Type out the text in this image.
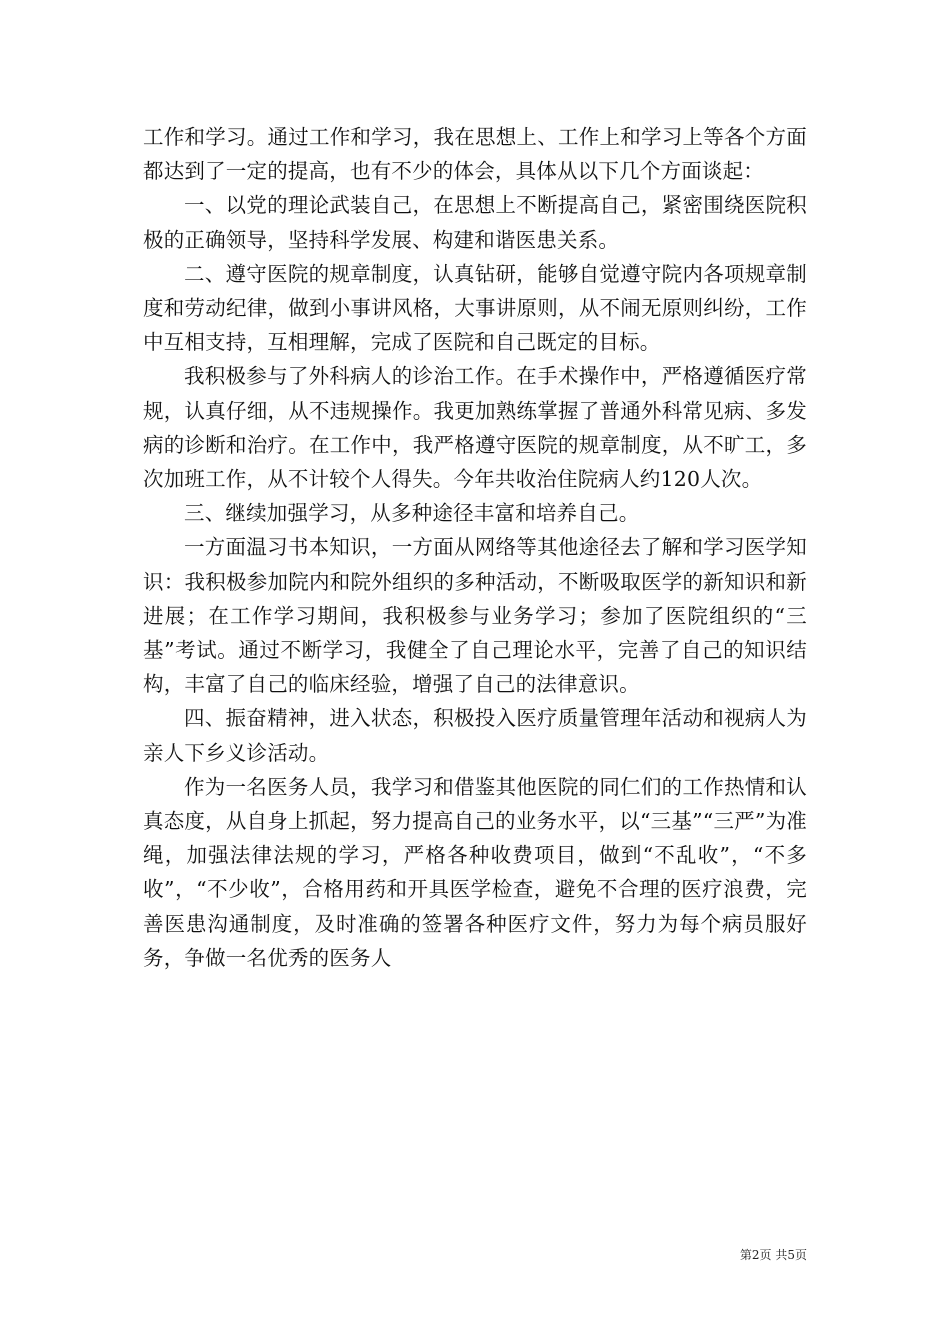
工作和学习。通过工作和学习，我在思想上、工作上和学习上等各个方面都达到了一定的提高，也有不少的体会，具体从以下几个方面谈起：

一、以党的理论武装自己，在思想上不断提高自己，紧密围绕医院积极的正确领导，坚持科学发展、构建和谐医患关系。

二、遵守医院的规章制度，认真钻研，能够自觉遵守院内各项规章制度和劳动纪律，做到小事讲风格，大事讲原则，从不闹无原则纠纷，工作中互相支持，互相理解，完成了医院和自己既定的目标。

我积极参与了外科病人的诊治工作。在手术操作中，严格遵循医疗常规，认真仔细，从不违规操作。我更加熟练掌握了普通外科常见病、多发病的诊断和治疗。在工作中，我严格遵守医院的规章制度，从不旷工，多次加班工作，从不计较个人得失。今年共收治住院病人约120人次。

三、继续加强学习，从多种途径丰富和培养自己。

一方面温习书本知识，一方面从网络等其他途径去了解和学习医学知识：我积极参加院内和院外组织的多种活动，不断吸取医学的新知识和新进展；在工作学习期间，我积极参与业务学习；参加了医院组织的“三基”考试。通过不断学习，我健全了自己理论水平，完善了自己的知识结构，丰富了自己的临床经验，增强了自己的法律意识。

四、振奋精神，进入状态，积极投入医疗质量管理年活动和视病人为亲人下乡义诊活动。

作为一名医务人员，我学习和借鉴其他医院的同仁们的工作热情和认真态度，从自身上抓起，努力提高自己的业务水平，以“三基”“三严”为准绳，加强法律法规的学习，严格各种收费项目，做到“不乱收”，“不多收”，“不少收”，合格用药和开具医学检查，避免不合理的医疗浪费，完善医患沟通制度，及时准确的签署各种医疗文件，努力为每个病员服好务，争做一名优秀的医务人

第2页 共5页
